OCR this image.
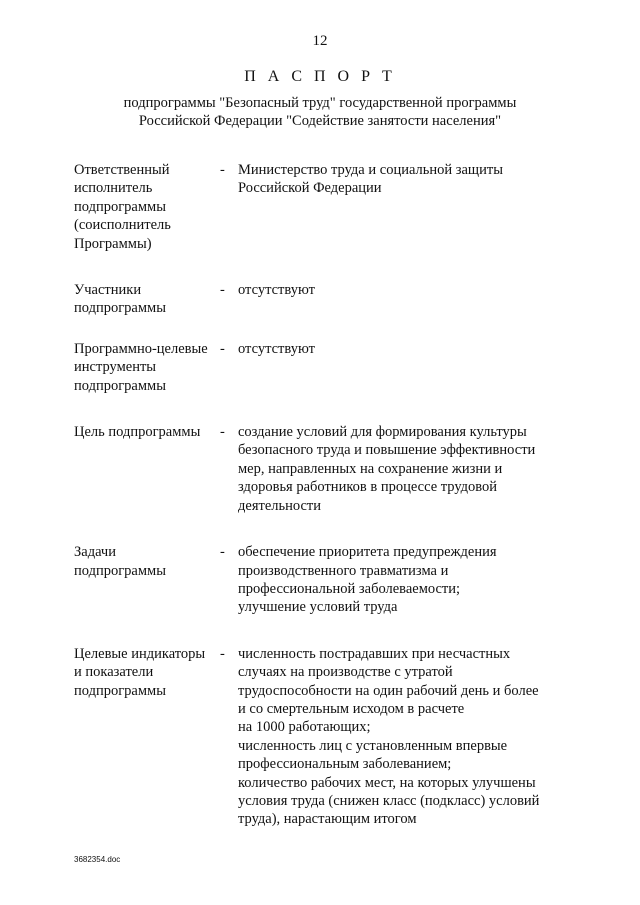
12
П А С П О Р Т
подпрограммы "Безопасный труд" государственной программы
Российской Федерации "Содействие занятости населения"
Ответственный
исполнитель
подпрограммы
(соисполнитель
Программы)
- Министерство труда и социальной защиты
Российской Федерации
Участники
подпрограммы
- отсутствуют
Программно-целевые
инструменты
подпрограммы
- отсутствуют
Цель подпрограммы	- создание условий для формирования культуры
безопасного труда и повышение эффективности
мер, направленных на сохранение жизни и
здоровья работников в процессе трудовой
деятельности
Задачи
подпрограммы
- обеспечение приоритета предупреждения
производственного травматизма и
профессиональной заболеваемости;
улучшение условий труда
Целевые индикаторы
и показатели
подпрограммы
- численность пострадавших при несчастных
случаях на производстве с утратой
трудоспособности на один рабочий день и более
и со смертельным исходом в расчете
на 1000 работающих;
численность лиц с установленным впервые
профессиональным заболеванием;
количество рабочих мест, на которых улучшены
условия труда (снижен класс (подкласс) условий
труда), нарастающим итогом
3682354.doc
